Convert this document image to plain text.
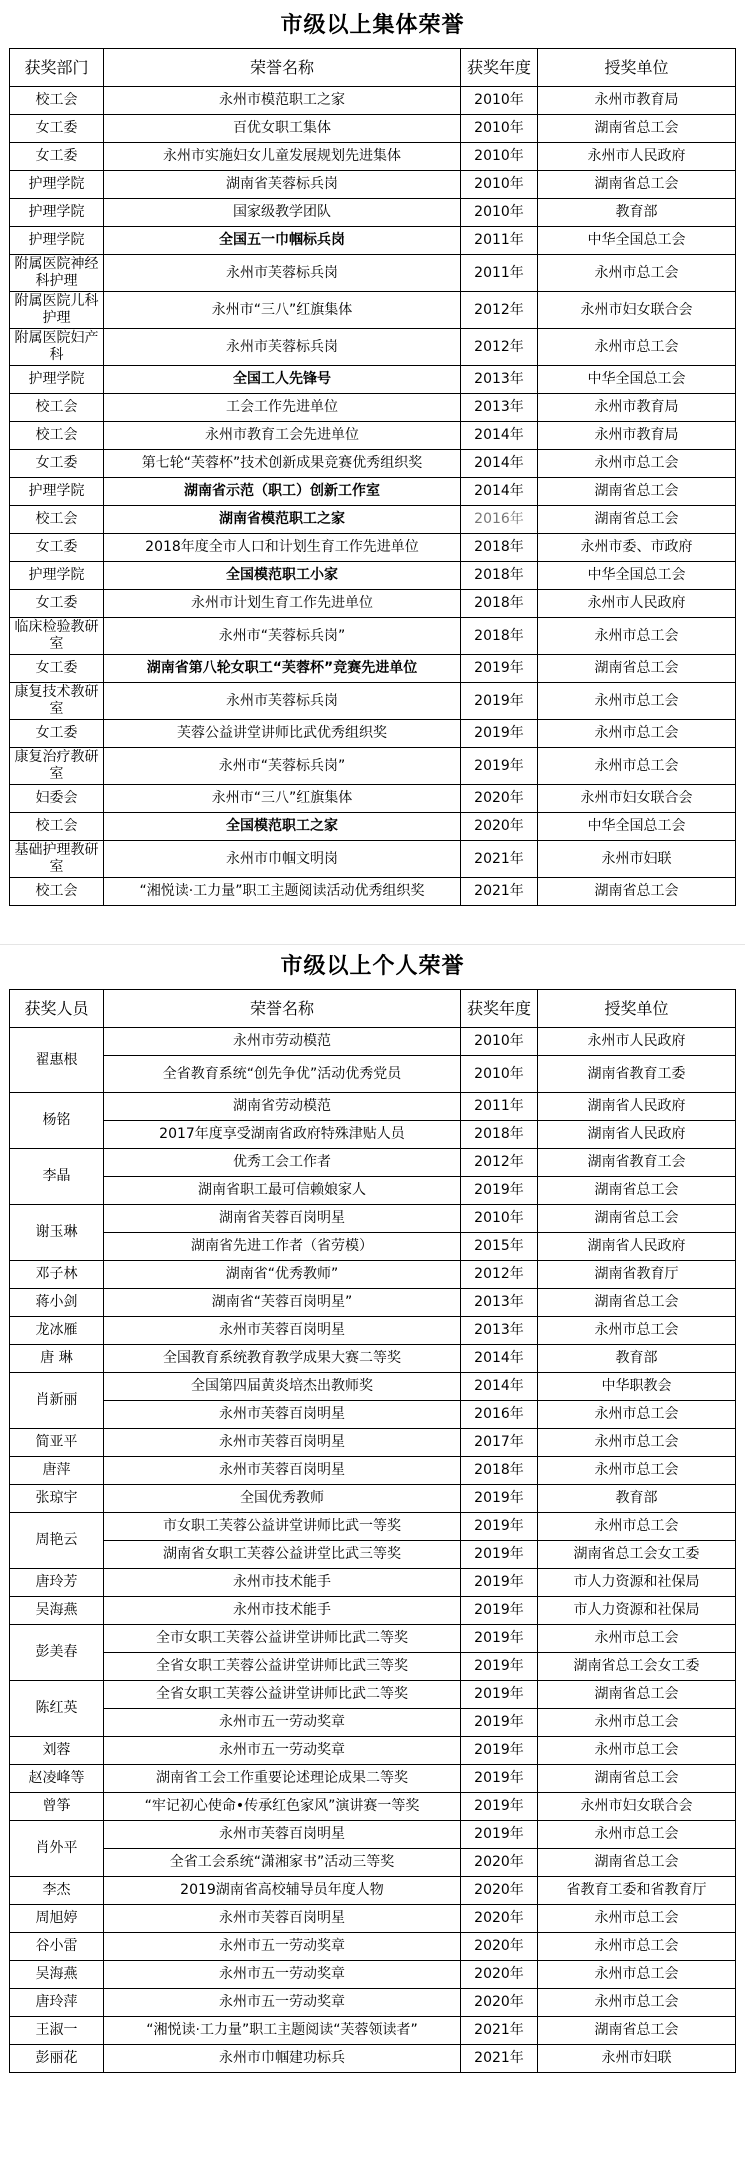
市级以上集体荣誉
获奖部门	荣誉名称	获奖年度	授奖单位
校工会	永州市模范职工之家	2010年	永州市教育局
女工委	百优女职工集体	2010年	湖南省总工会
女工委	永州市实施妇女儿童发展规划先进集体	2010年	永州市人民政府
护理学院	湖南省芙蓉标兵岗	2010年	湖南省总工会
护理学院	国家级教学团队	2010年	教育部
护理学院	全国五一巾帼标兵岗	2011年	中华全国总工会
附属医院神经科护理	永州市芙蓉标兵岗	2011年	永州市总工会
附属医院儿科护理	永州市“三八”红旗集体	2012年	永州市妇女联合会
附属医院妇产科	永州市芙蓉标兵岗	2012年	永州市总工会
护理学院	全国工人先锋号	2013年	中华全国总工会
校工会	工会工作先进单位	2013年	永州市教育局
校工会	永州市教育工会先进单位	2014年	永州市教育局
女工委	第七轮“芙蓉杯”技术创新成果竞赛优秀组织奖	2014年	永州市总工会
护理学院	湖南省示范（职工）创新工作室	2014年	湖南省总工会
校工会	湖南省模范职工之家	2016年	湖南省总工会
女工委	2018年度全市人口和计划生育工作先进单位	2018年	永州市委、市政府
护理学院	全国模范职工小家	2018年	中华全国总工会
女工委	永州市计划生育工作先进单位	2018年	永州市人民政府
临床检验教研室	永州市“芙蓉标兵岗”	2018年	永州市总工会
女工委	湖南省第八轮女职工“芙蓉杯”竞赛先进单位	2019年	湖南省总工会
康复技术教研室	永州市芙蓉标兵岗	2019年	永州市总工会
女工委	芙蓉公益讲堂讲师比武优秀组织奖	2019年	永州市总工会
康复治疗教研室	永州市“芙蓉标兵岗”	2019年	永州市总工会
妇委会	永州市“三八”红旗集体	2020年	永州市妇女联合会
校工会	全国模范职工之家	2020年	中华全国总工会
基础护理教研室	永州市巾帼文明岗	2021年	永州市妇联
校工会	“湘悦读·工力量”职工主题阅读活动优秀组织奖	2021年	湖南省总工会
市级以上个人荣誉
获奖人员	荣誉名称	获奖年度	授奖单位
翟惠根	永州市劳动模范	2010年	永州市人民政府
	全省教育系统“创先争优”活动优秀党员	2010年	湖南省教育工委
杨铭	湖南省劳动模范	2011年	湖南省人民政府
	2017年度享受湖南省政府特殊津贴人员	2018年	湖南省人民政府
李晶	优秀工会工作者	2012年	湖南省教育工会
	湖南省职工最可信赖娘家人	2019年	湖南省总工会
谢玉琳	湖南省芙蓉百岗明星	2010年	湖南省总工会
	湖南省先进工作者（省劳模）	2015年	湖南省人民政府
邓子林	湖南省“优秀教师”	2012年	湖南省教育厅
蒋小剑	湖南省“芙蓉百岗明星”	2013年	湖南省总工会
龙冰雁	永州市芙蓉百岗明星	2013年	永州市总工会
唐 琳	全国教育系统教育教学成果大赛二等奖	2014年	教育部
肖新丽	全国第四届黄炎培杰出教师奖	2014年	中华职教会
	永州市芙蓉百岗明星	2016年	永州市总工会
简亚平	永州市芙蓉百岗明星	2017年	永州市总工会
唐萍	永州市芙蓉百岗明星	2018年	永州市总工会
张琼宇	全国优秀教师	2019年	教育部
周艳云	市女职工芙蓉公益讲堂讲师比武一等奖	2019年	永州市总工会
	湖南省女职工芙蓉公益讲堂比武三等奖	2019年	湖南省总工会女工委
唐玲芳	永州市技术能手	2019年	市人力资源和社保局
吴海燕	永州市技术能手	2019年	市人力资源和社保局
彭美春	全市女职工芙蓉公益讲堂讲师比武二等奖	2019年	永州市总工会
	全省女职工芙蓉公益讲堂讲师比武三等奖	2019年	湖南省总工会女工委
陈红英	全省女职工芙蓉公益讲堂讲师比武二等奖	2019年	湖南省总工会
	永州市五一劳动奖章	2019年	永州市总工会
刘蓉	永州市五一劳动奖章	2019年	永州市总工会
赵凌峰等	湖南省工会工作重要论述理论成果二等奖	2019年	湖南省总工会
曾筝	“牢记初心使命•传承红色家风”演讲赛一等奖	2019年	永州市妇女联合会
肖外平	永州市芙蓉百岗明星	2019年	永州市总工会
	全省工会系统“潇湘家书”活动三等奖	2020年	湖南省总工会
李杰	2019湖南省高校辅导员年度人物	2020年	省教育工委和省教育厅
周旭婷	永州市芙蓉百岗明星	2020年	永州市总工会
谷小雷	永州市五一劳动奖章	2020年	永州市总工会
吴海燕	永州市五一劳动奖章	2020年	永州市总工会
唐玲萍	永州市五一劳动奖章	2020年	永州市总工会
王淑一	“湘悦读·工力量”职工主题阅读“芙蓉领读者”	2021年	湖南省总工会
彭丽花	永州市巾帼建功标兵	2021年	永州市妇联
